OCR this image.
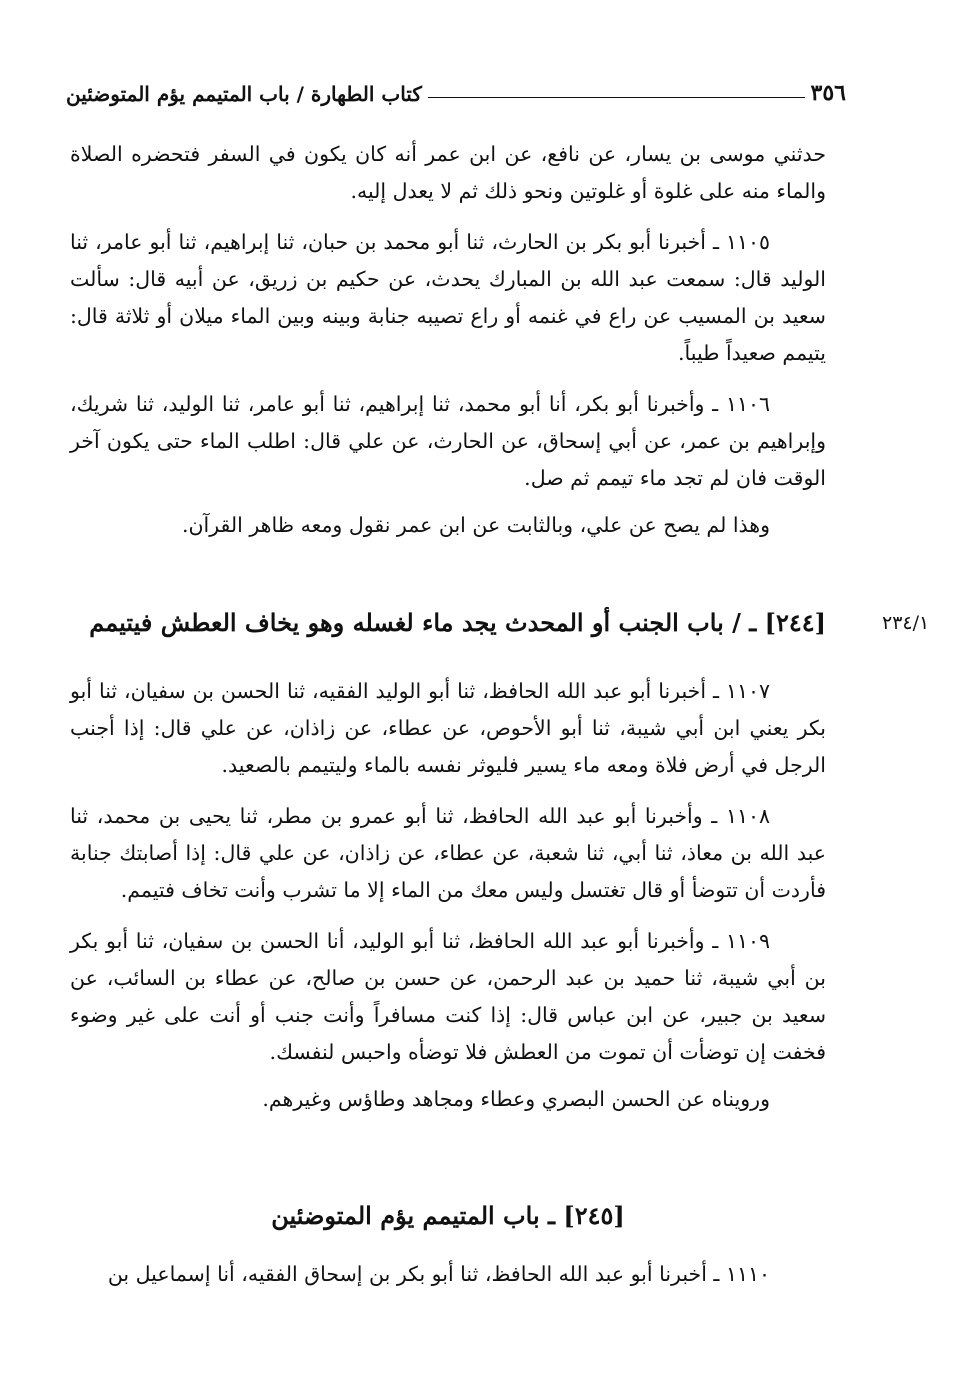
٣٥٦
كتاب الطهارة / باب المتيمم يؤم المتوضئين

حدثني موسى بن يسار، عن نافع، عن ابن عمر أنه كان يكون في السفر فتحضره الصلاة والماء منه على غلوة أو غلوتين ونحو ذلك ثم لا يعدل إليه.

١١٠٥ ـ أخبرنا أبو بكر بن الحارث، ثنا أبو محمد بن حبان، ثنا إبراهيم، ثنا أبو عامر، ثنا الوليد قال: سمعت عبد الله بن المبارك يحدث، عن حكيم بن زريق، عن أبيه قال: سألت سعيد بن المسيب عن راع في غنمه أو راع تصيبه جنابة وبينه وبين الماء ميلان أو ثلاثة قال: يتيمم صعيداً طيباً.

١١٠٦ ـ وأخبرنا أبو بكر، أنا أبو محمد، ثنا إبراهيم، ثنا أبو عامر، ثنا الوليد، ثنا شريك، وإبراهيم بن عمر، عن أبي إسحاق، عن الحارث، عن علي قال: اطلب الماء حتى يكون آخر الوقت فان لم تجد ماء تيمم ثم صل.

وهذا لم يصح عن علي، وبالثابت عن ابن عمر نقول ومعه ظاهر القرآن.

[٢٤٤] ـ / باب الجنب أو المحدث يجد ماء لغسله وهو يخاف العطش فيتيمم	٢٣٤/١

١١٠٧ ـ أخبرنا أبو عبد الله الحافظ، ثنا أبو الوليد الفقيه، ثنا الحسن بن سفيان، ثنا أبو بكر يعني ابن أبي شيبة، ثنا أبو الأحوص، عن عطاء، عن زاذان، عن علي قال: إذا أجنب الرجل في أرض فلاة ومعه ماء يسير فليوثر نفسه بالماء وليتيمم بالصعيد.

١١٠٨ ـ وأخبرنا أبو عبد الله الحافظ، ثنا أبو عمرو بن مطر، ثنا يحيى بن محمد، ثنا عبد الله بن معاذ، ثنا أبي، ثنا شعبة، عن عطاء، عن زاذان، عن علي قال: إذا أصابتك جنابة فأردت أن تتوضأ أو قال تغتسل وليس معك من الماء إلا ما تشرب وأنت تخاف فتيمم.

١١٠٩ ـ وأخبرنا أبو عبد الله الحافظ، ثنا أبو الوليد، أنا الحسن بن سفيان، ثنا أبو بكر بن أبي شيبة، ثنا حميد بن عبد الرحمن، عن حسن بن صالح، عن عطاء بن السائب، عن سعيد بن جبير، عن ابن عباس قال: إذا كنت مسافراً وأنت جنب أو أنت على غير وضوء فخفت إن توضأت أن تموت من العطش فلا توضأه واحبس لنفسك.

ورويناه عن الحسن البصري وعطاء ومجاهد وطاؤس وغيرهم.

[٢٤٥] ـ باب المتيمم يؤم المتوضئين

١١١٠ ـ أخبرنا أبو عبد الله الحافظ، ثنا أبو بكر بن إسحاق الفقيه، أنا إسماعيل بن
